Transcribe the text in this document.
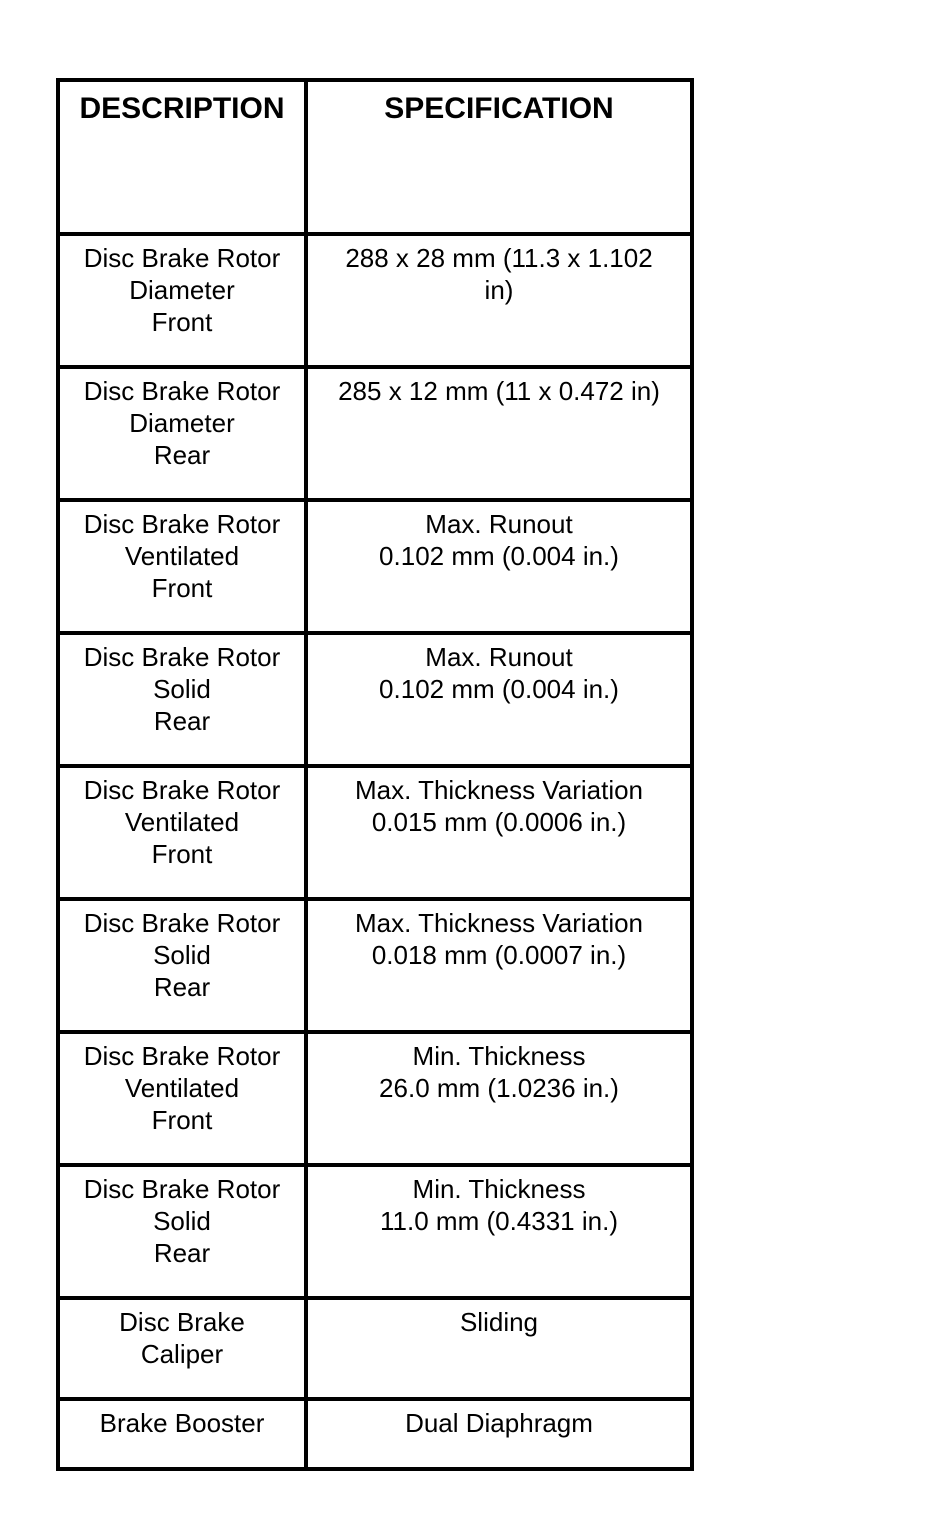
DESCRIPTION	SPECIFICATION

Disc Brake Rotor
Diameter
Front	288 x 28 mm (11.3 x 1.102
in)

Disc Brake Rotor
Diameter
Rear	285 x 12 mm (11 x 0.472 in)

Disc Brake Rotor
Ventilated
Front	Max. Runout
0.102 mm (0.004 in.)

Disc Brake Rotor
Solid
Rear	Max. Runout
0.102 mm (0.004 in.)

Disc Brake Rotor
Ventilated
Front	Max. Thickness Variation
0.015 mm (0.0006 in.)

Disc Brake Rotor
Solid
Rear	Max. Thickness Variation
0.018 mm (0.0007 in.)

Disc Brake Rotor
Ventilated
Front	Min. Thickness
26.0 mm (1.0236 in.)

Disc Brake Rotor
Solid
Rear	Min. Thickness
11.0 mm (0.4331 in.)

Disc Brake
Caliper	Sliding

Brake Booster	Dual Diaphragm
